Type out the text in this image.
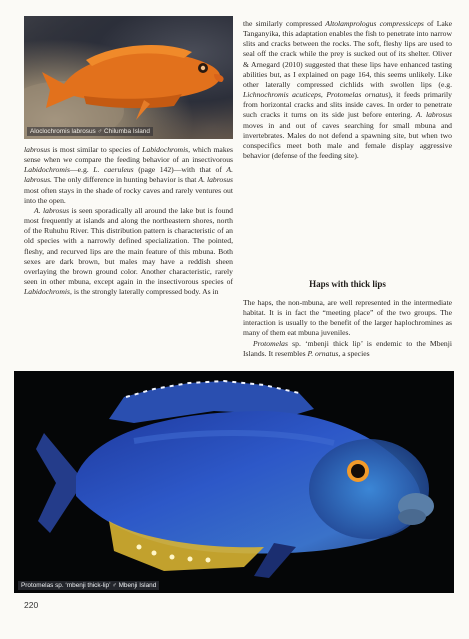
Aloclochromis labrosus ♂ Chilumba Island

labrosus is most similar to species of Labidochromis, which makes sense when we compare the feeding behavior of an insectivorous Labidochromis—e.g. L. caeruleus (page 142)—with that of A. labrosus. The only difference in hunting behavior is that A. labrosus most often stays in the shade of rocky caves and rarely ventures out into the open.

A. labrosus is seen sporadically all around the lake but is found most frequently at islands and along the northeastern shores, north of the Ruhuhu River. This distribution pattern is characteristic of an old species with a narrowly defined specialization. The pointed, fleshy, and recurved lips are the main feature of this mbuna. Both sexes are dark brown, but males may have a reddish sheen overlaying the brown ground color. Another characteristic, rarely seen in other mbuna, except again in the insectivorous species of Labidochromis, is the strongly laterally compressed body. As in

the similarly compressed Altolamprologus compressiceps of Lake Tanganyika, this adaptation enables the fish to penetrate into narrow slits and cracks between the rocks. The soft, fleshy lips are used to seal off the crack while the prey is sucked out of its shelter. Oliver & Arnegard (2010) suggested that these lips have enhanced tasting abilities but, as I explained on page 164, this seems unlikely. Like other laterally compressed cichlids with swollen lips (e.g. Lichnochromis acuticeps, Protomelas ornatus), it feeds primarily from horizontal cracks and slits inside caves. In order to penetrate such cracks it turns on its side just before entering. A. labrosus moves in and out of caves searching for small mbuna and invertebrates. Males do not defend a spawning site, but when two conspecifics meet both male and female display aggressive behavior (defense of the feeding site).

Haps with thick lips

The haps, the non-mbuna, are well represented in the intermediate habitat. It is in fact the “meeting place” of the two groups. The interaction is usually to the benefit of the larger haplochromines as many of them eat mbuna juveniles.

Protomelas sp. ‘mbenji thick lip’ is endemic to the Mbenji Islands. It resembles P. ornatus, a species

Protomelas sp. ‘mbenji thick-lip’ ♂ Mbenji Island
220
